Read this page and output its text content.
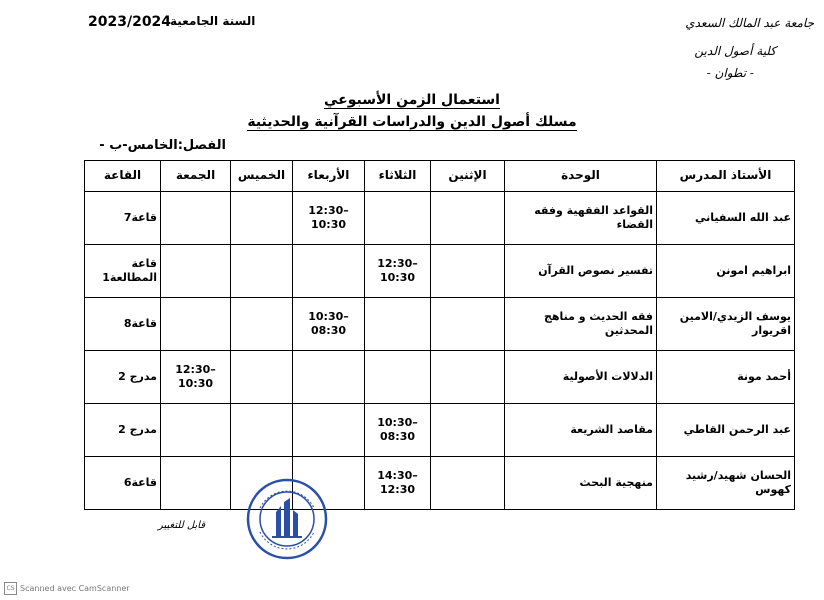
2023/2024
السنة الجامعية	جامعة عبد المالك السعدي
كلية أصول الدين
- تطوان -
استعمال الزمن الأسبوعي
مسلك أصول الدين والدراسات القرآنية والحديثية
الفصل:الخامس-ب -
الأستاذ المدرس	الوحدة	الإثنين	الثلاثاء	الأربعاء	الخميس	الجمعة	القاعة
عبد الله السفياني	القواعد الفقهية وفقه القضاء			12:30–10:30			قاعة7
ابراهيم امونن	تفسير نصوص القرآن		12:30–10:30				قاعة المطالعة1
يوسف الزيدي/الامين اقريوار	فقه الحديث و مناهج المحدثين			10:30–08:30			قاعة8
أحمد مونة	الدلالات الأصولية					12:30–10:30	مدرج 2
عبد الرحمن القاطي	مقاصد الشريعة		10:30–08:30				مدرج 2
الحسان شهيد/رشيد كهوس	منهجية البحث		14:30–12:30				قاعة6
قابل للتغيير
CS Scanned avec CamScanner
